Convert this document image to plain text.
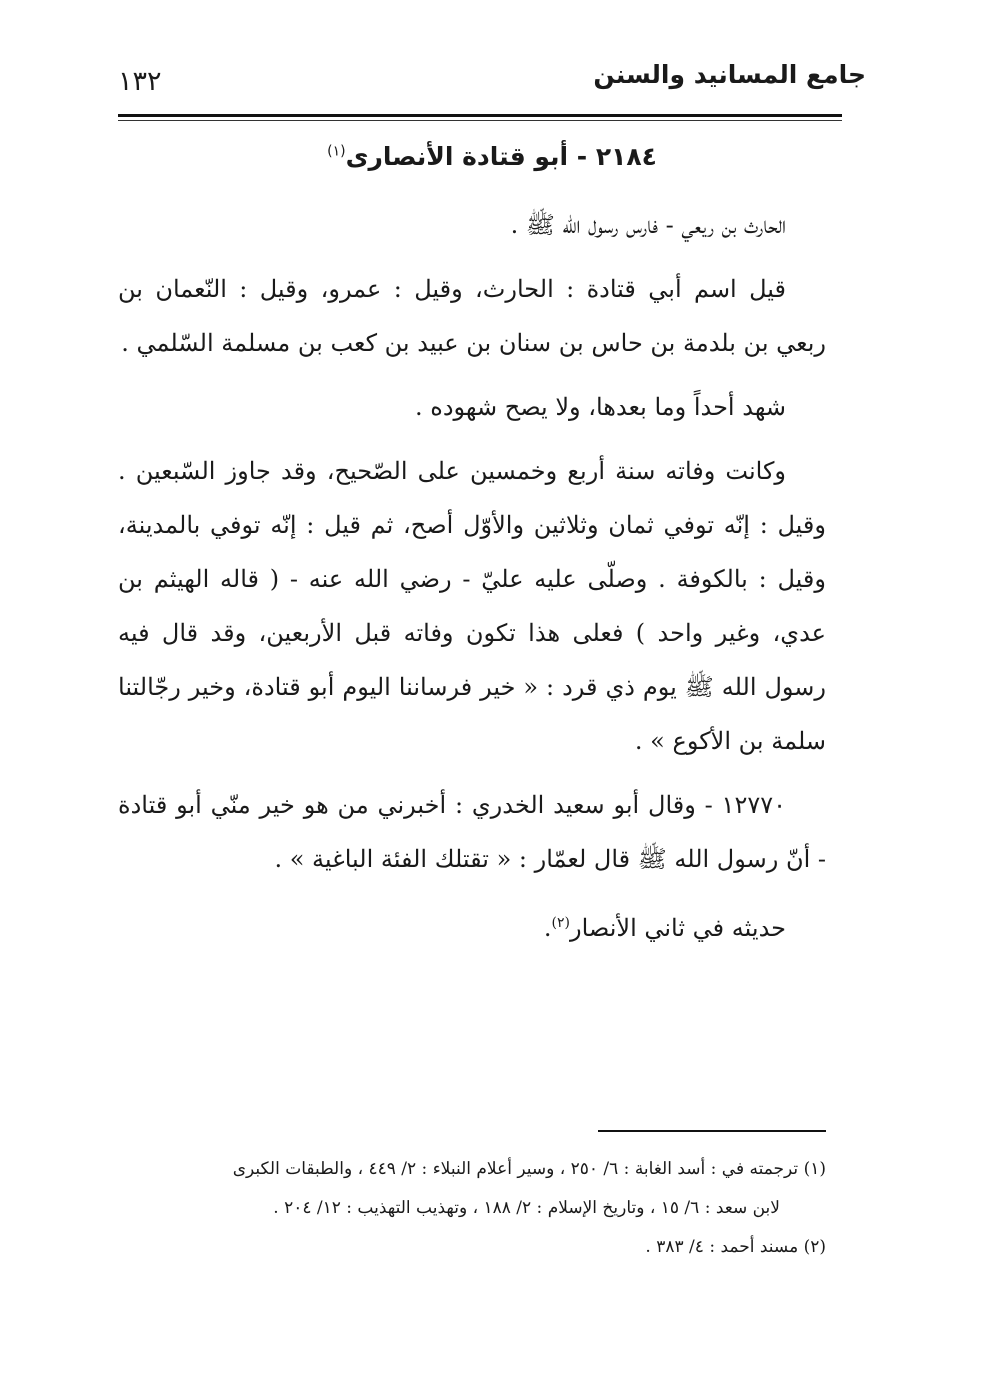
جامع المسانيد والسنن
١٣٢
٢١٨٤ - أبو قتادة الأنصارى$^{(١)}$

الحارث بن ريعي - فارس رسول الله ﷺ .

قيل اسم أبي قتادة : الحارث، وقيل : عمرو، وقيل : النّعمان بن ربعي بن بلدمة بن حاس بن سنان بن عبيد بن كعب بن مسلمة السّلمي .

شهد أحداً وما بعدها، ولا يصح شهوده .

وكانت وفاته سنة أربع وخمسين على الصّحيح، وقد جاوز السّبعين . وقيل : إنّه توفي ثمان وثلاثين والأوّل أصح، ثم قيل : إنّه توفي بالمدينة، وقيل : بالكوفة . وصلّى عليه عليّ - رضي الله عنه - ( قاله الهيثم بن عدي، وغير واحد ) فعلى هذا تكون وفاته قبل الأربعين، وقد قال فيه رسول الله ﷺ يوم ذي قرد : « خير فرساننا اليوم أبو قتادة، وخير رجّالتنا سلمة بن الأكوع » .

١٢٧٧٠ - وقال أبو سعيد الخدري : أخبرني من هو خير منّي أبو قتادة - أنّ رسول الله ﷺ قال لعمّار : « تقتلك الفئة الباغية » .

حديثه في ثاني الأنصار$^{(٢)}$.

(١) ترجمته في : أسد الغابة : ٦/ ٢٥٠ ، وسير أعلام النبلاء : ٢/ ٤٤٩ ، والطبقات الكبرى

لابن سعد : ٦/ ١٥ ، وتاريخ الإسلام : ٢/ ١٨٨ ، وتهذيب التهذيب : ١٢/ ٢٠٤ .

(٢) مسند أحمد : ٤/ ٣٨٣ .
